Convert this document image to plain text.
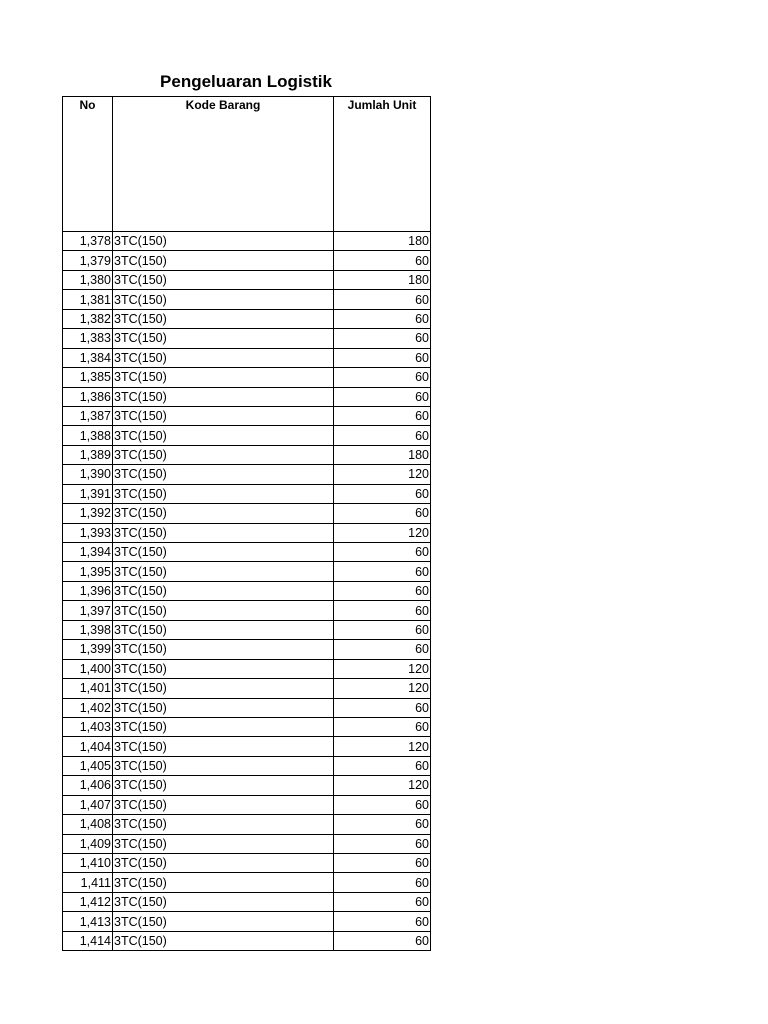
Pengeluaran Logistik
No	Kode Barang	Jumlah Unit
1,378	3TC(150)	180
1,379	3TC(150)	60
1,380	3TC(150)	180
1,381	3TC(150)	60
1,382	3TC(150)	60
1,383	3TC(150)	60
1,384	3TC(150)	60
1,385	3TC(150)	60
1,386	3TC(150)	60
1,387	3TC(150)	60
1,388	3TC(150)	60
1,389	3TC(150)	180
1,390	3TC(150)	120
1,391	3TC(150)	60
1,392	3TC(150)	60
1,393	3TC(150)	120
1,394	3TC(150)	60
1,395	3TC(150)	60
1,396	3TC(150)	60
1,397	3TC(150)	60
1,398	3TC(150)	60
1,399	3TC(150)	60
1,400	3TC(150)	120
1,401	3TC(150)	120
1,402	3TC(150)	60
1,403	3TC(150)	60
1,404	3TC(150)	120
1,405	3TC(150)	60
1,406	3TC(150)	120
1,407	3TC(150)	60
1,408	3TC(150)	60
1,409	3TC(150)	60
1,410	3TC(150)	60
1,411	3TC(150)	60
1,412	3TC(150)	60
1,413	3TC(150)	60
1,414	3TC(150)	60
